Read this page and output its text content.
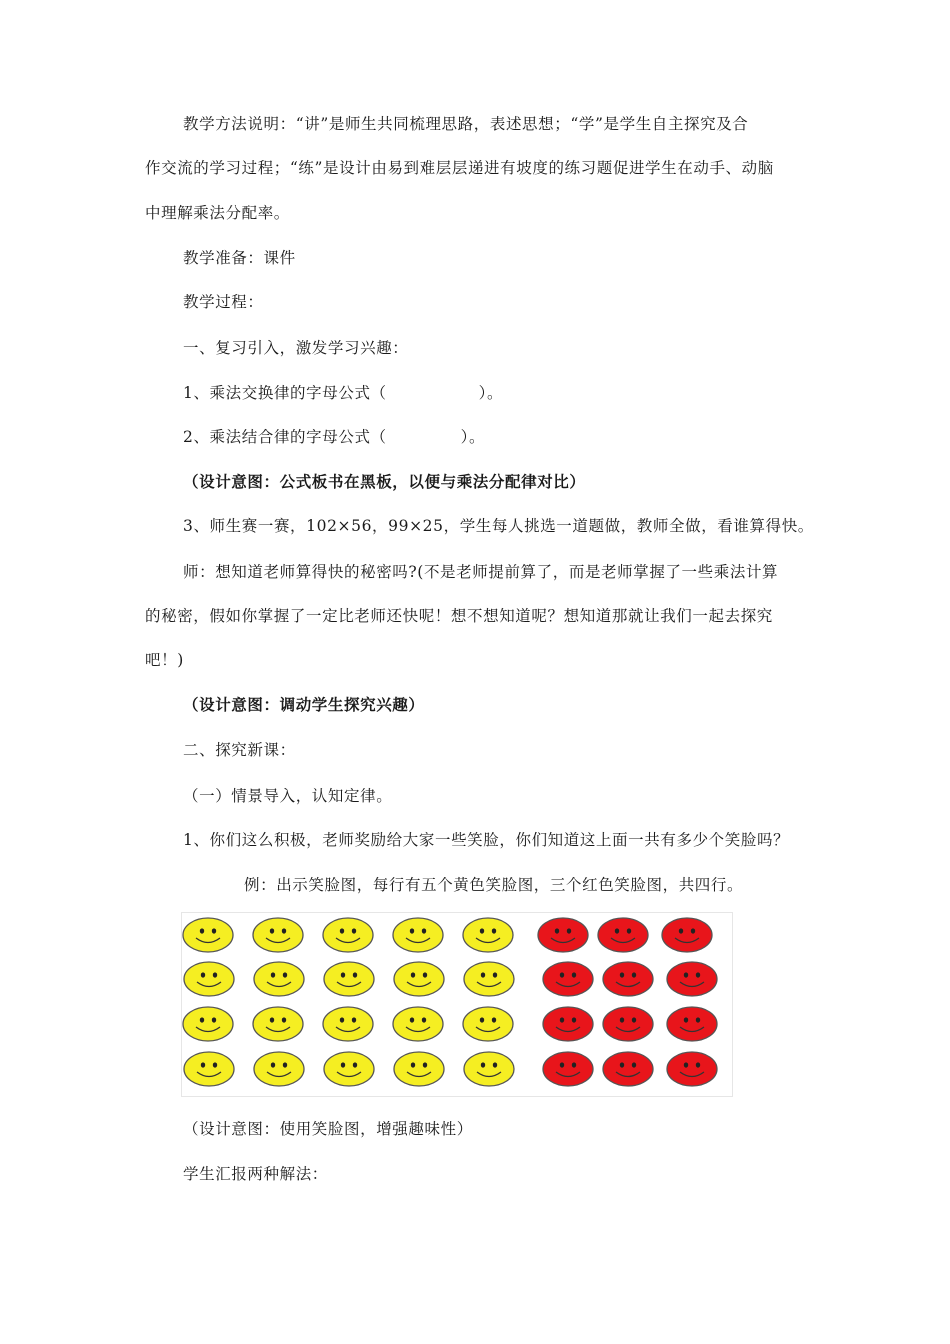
教学方法说明：“讲”是师生共同梳理思路，表述思想；“学”是学生自主探究及合
作交流的学习过程；“练”是设计由易到难层层递进有坡度的练习题促进学生在动手、动脑
中理解乘法分配率。
教学准备：课件
教学过程：
一、复习引入，激发学习兴趣：
1、乘法交换律的字母公式（	）。
2、乘法结合律的字母公式（	）。
（设计意图：公式板书在黑板，以便与乘法分配律对比）
3、师生赛一赛，102×56，99×25，学生每人挑选一道题做，教师全做，看谁算得快。
师：想知道老师算得快的秘密吗?(不是老师提前算了，而是老师掌握了一些乘法计算
的秘密，假如你掌握了一定比老师还快呢！想不想知道呢？想知道那就让我们一起去探究
吧！)
（设计意图：调动学生探究兴趣）
二、探究新课：
（一）情景导入，认知定律。
1、你们这么积极，老师奖励给大家一些笑脸，你们知道这上面一共有多少个笑脸吗？
例：出示笑脸图，每行有五个黄色笑脸图，三个红色笑脸图，共四行。
（设计意图：使用笑脸图，增强趣味性）
学生汇报两种解法：
